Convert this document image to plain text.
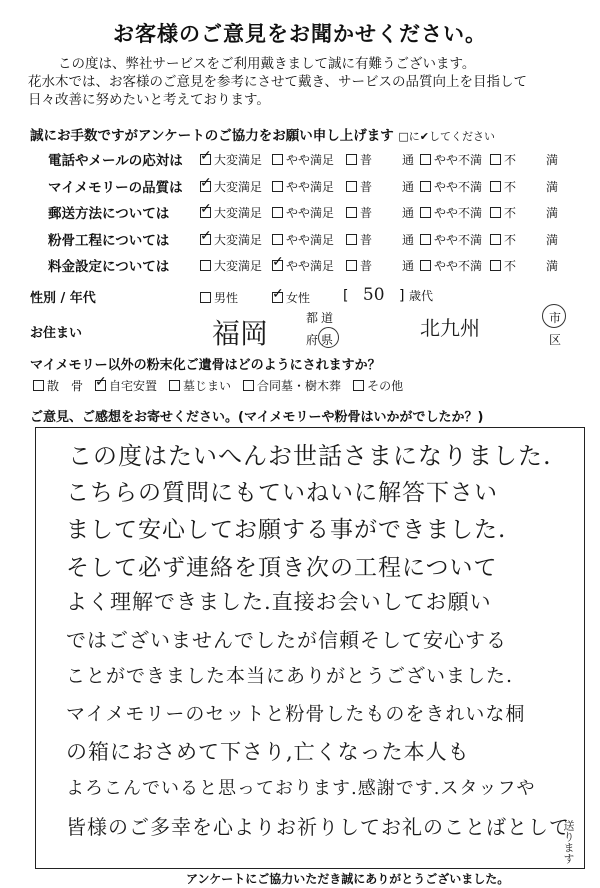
お客様のご意見をお聞かせください。
この度は、弊社サービスをご利用戴きまして誠に有難うございます。
花水木では、お客様のご意見を参考にさせて戴き、サービスの品質向上を目指して
日々改善に努めたいと考えております。
誠にお手数ですがアンケートのご協力をお願い申し上げます □に✔してください
電話やメールの応対は ✓ 大変満足 やや満足 普	通 やや不満 不	満
マイメモリーの品質は ✓ 大変満足 やや満足 普	通 やや不満 不	満
郵送方法については ✓ 大変満足 やや満足 普	通 やや不満 不	満
粉骨工程については ✓ 大変満足 やや満足 普	通 やや不満 不	満
料金設定については	大変満足 ✓ やや満足 普	通 やや不満 不	満
性別 / 年代	男性 ✓ 女性 [ 50 ] 歳代
お住まい	福岡	都 道
府 県	北九州	市
区
マイメモリー以外の粉末化ご遺骨はどのようにされますか？
散　骨 ✓ 自宅安置 墓じまい 合同墓・樹木葬 その他
ご意見、ご感想をお寄せください。(マイメモリーや粉骨はいかがでしたか？)
この度はたいへんお世話さまになりました.
こちらの質問にもていねいに解答下さい
まして安心してお願する事ができました.
そして必ず連絡を頂き次の工程について
よく理解できました.直接お会いしてお願い
ではございませんでしたが信頼そして安心する
ことができました本当にありがとうございました.
マイメモリーのセットと粉骨したものをきれいな桐
の箱におさめて下さり,亡くなった本人も
よろこんでいると思っております.感謝です.スタッフや
皆様のご多幸を心よりお祈りしてお礼のことばとして
送ります
アンケートにご協力いただき誠にありがとうございました。
